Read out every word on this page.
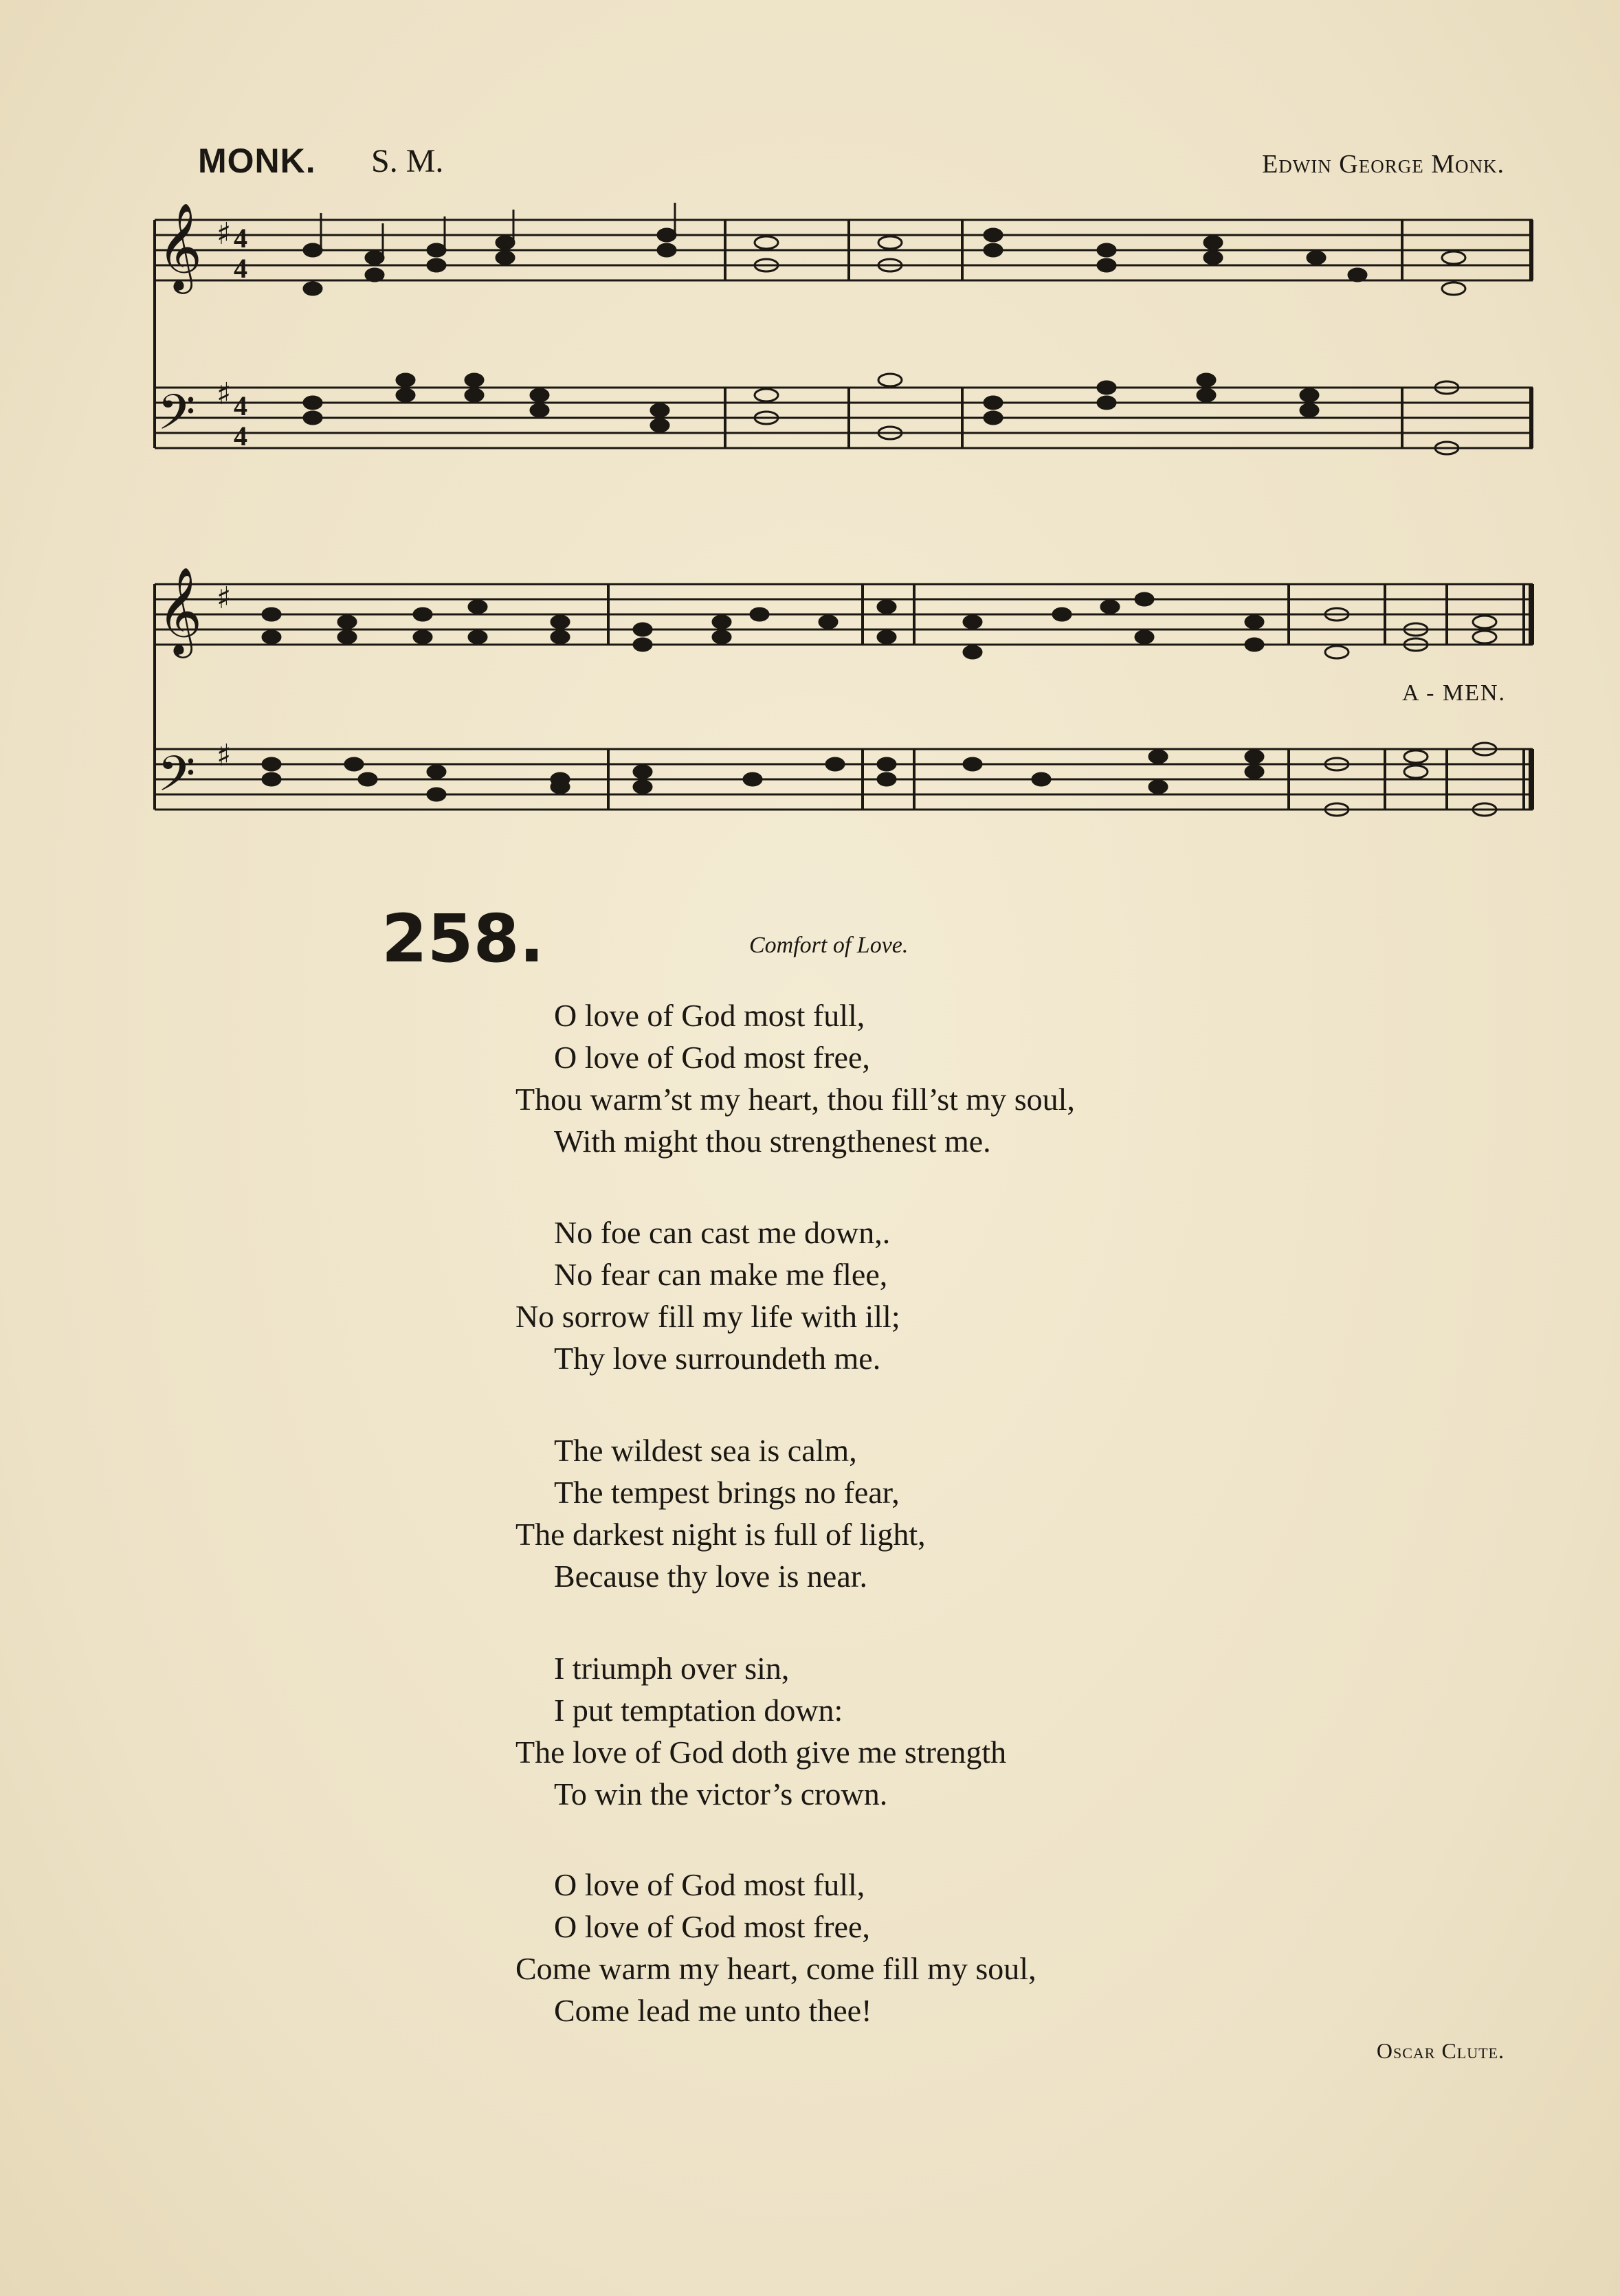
MONK. S. M.	Edwin George Monk.
𝄞
𝄢
♯
♯
4
4
4
4
𝄞
𝄢
♯
♯
A - MEN.
258.	Comfort of Love.
O love of God most full,
O love of God most free,
Thou warm’st my heart, thou fill’st my soul,
With might thou strengthenest me.
No foe can cast me down,.
No fear can make me flee,
No sorrow fill my life with ill;
Thy love surroundeth me.
The wildest sea is calm,
The tempest brings no fear,
The darkest night is full of light,
Because thy love is near.
I triumph over sin,
I put temptation down:
The love of God doth give me strength
To win the victor’s crown.
O love of God most full,
O love of God most free,
Come warm my heart, come fill my soul,
Come lead me unto thee!
Oscar Clute.
